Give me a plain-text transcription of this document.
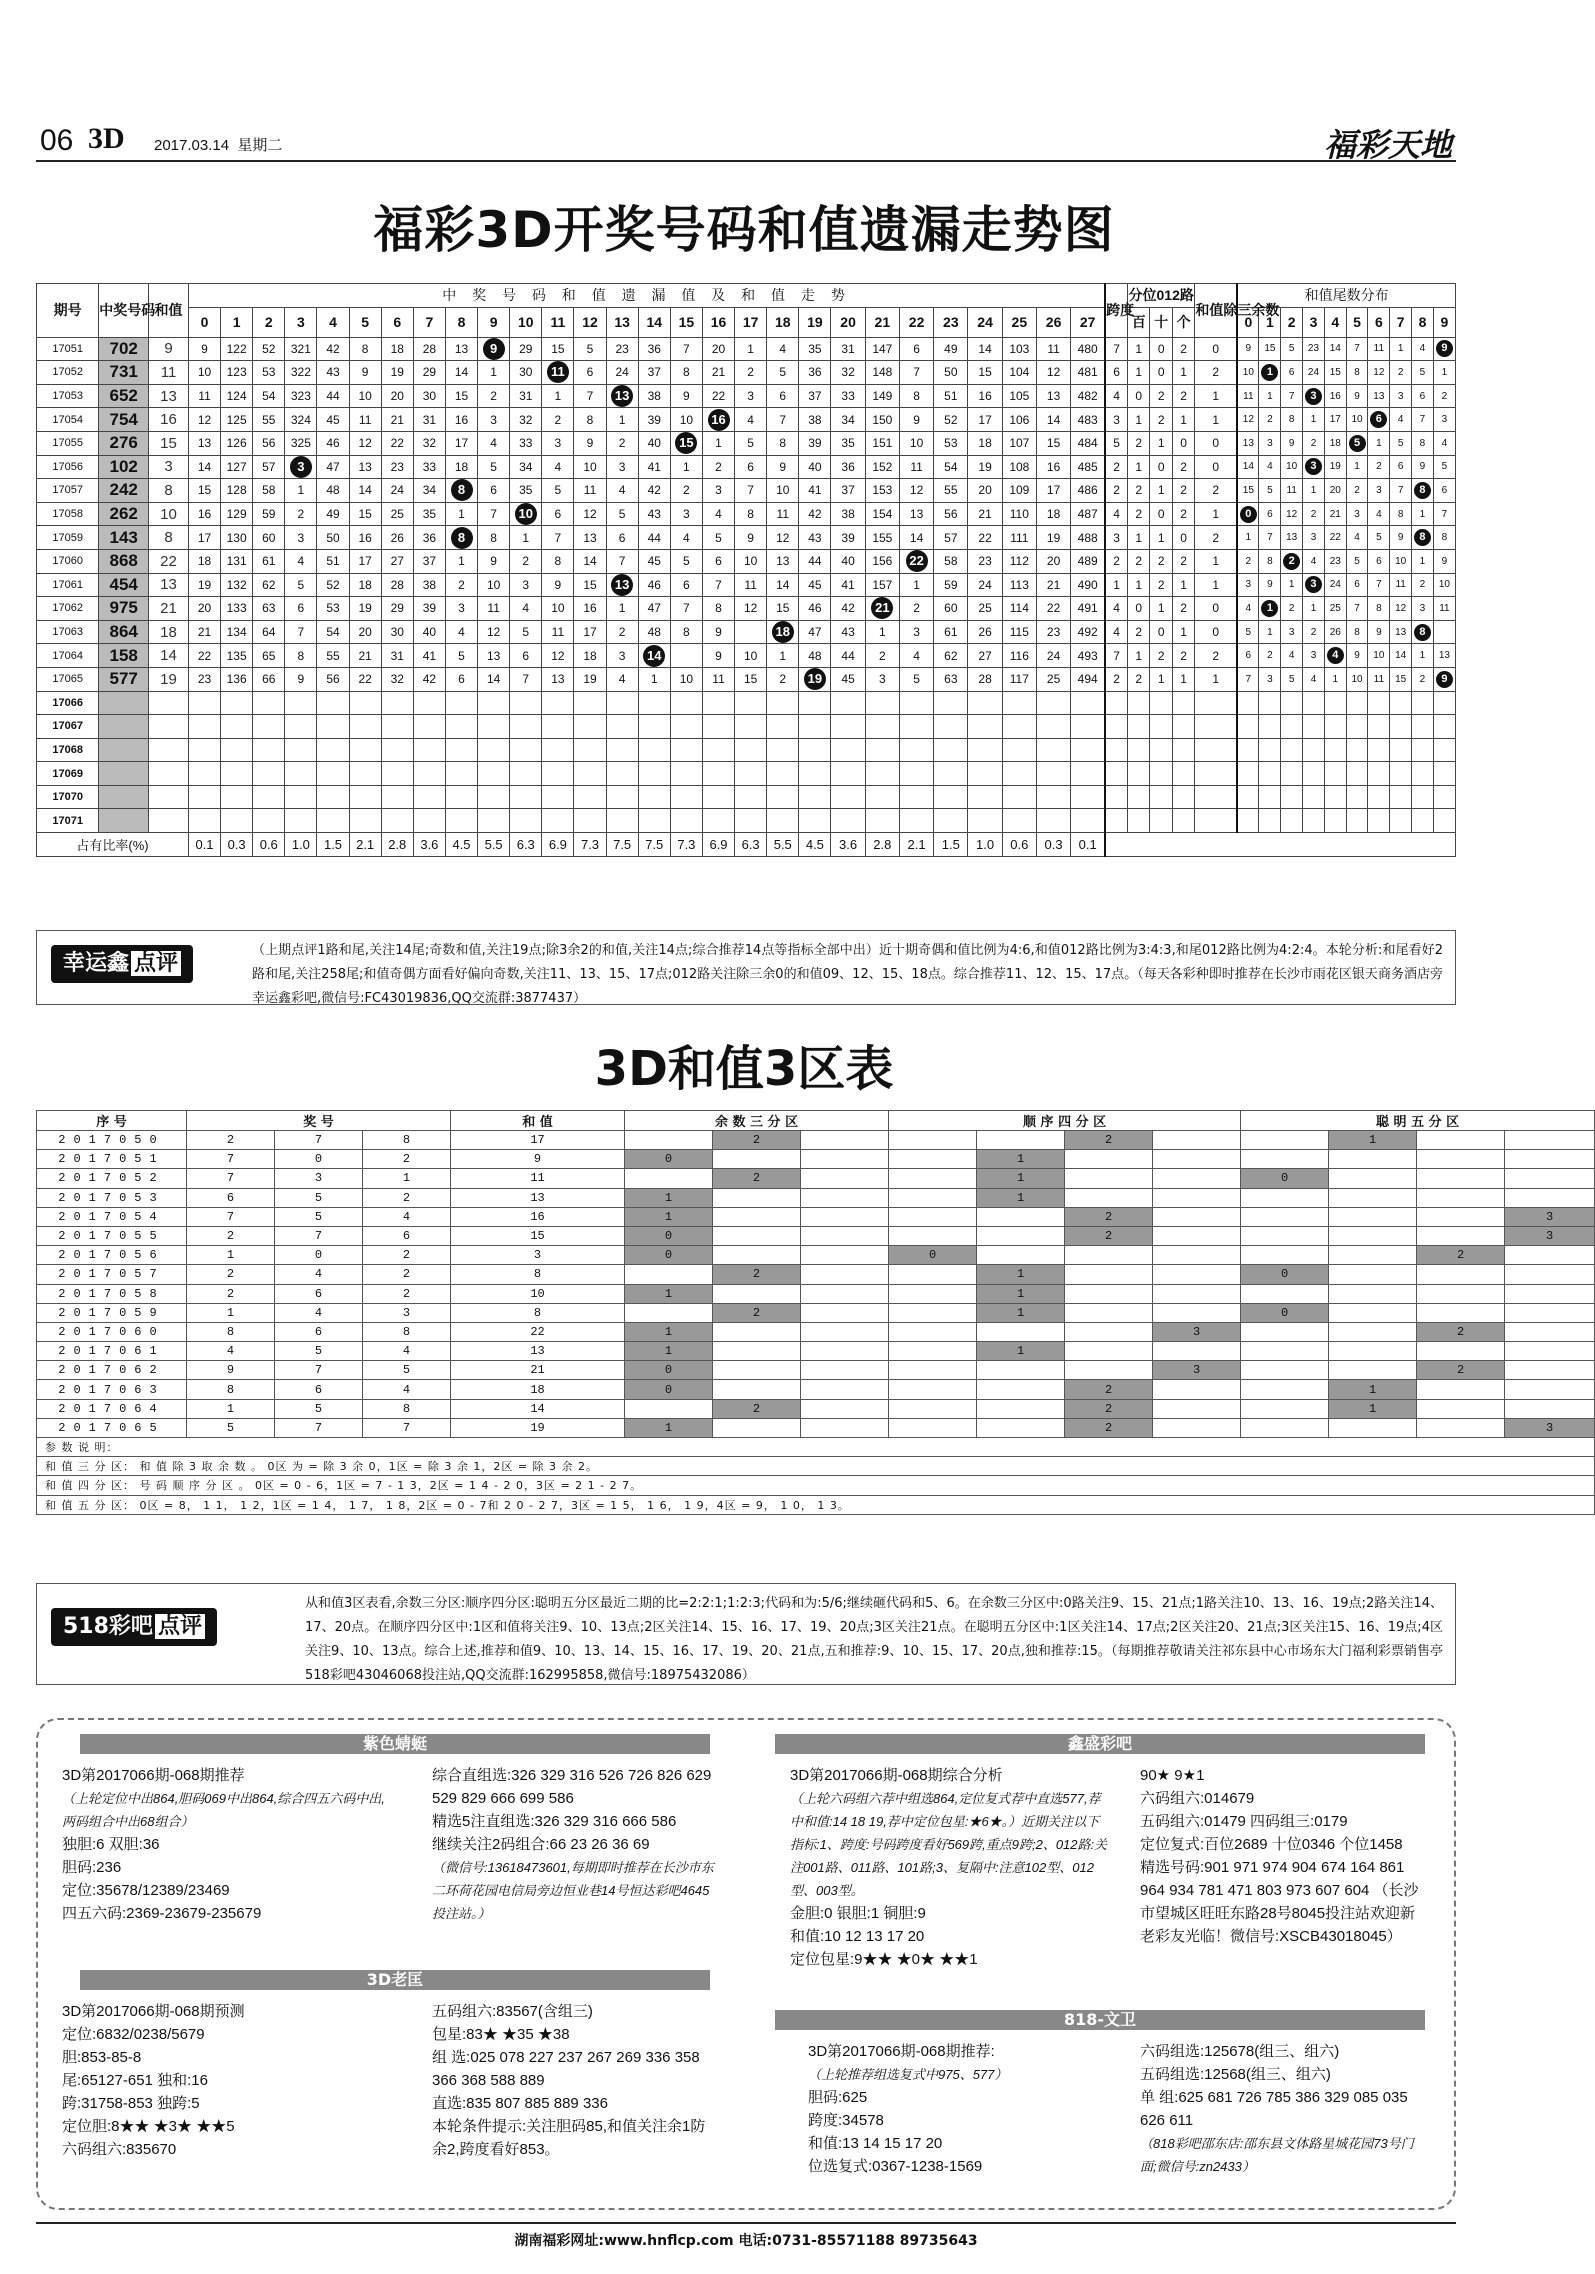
06 3D 2017.03.14 星期二	福彩天地
福彩3D开奖号码和值遗漏走势图
期号	中奖号码	和值	中 奖 号 码 和 值 遗 漏 值 及 和 值 走 势																												跨度	分位012路			和值除三余数	和值尾数分布									
			0	1	2	3	4	5	6	7	8	9	10	11	12	13	14	15	16	17	18	19	20	21	22	23	24	25	26	27		百	十	个		0	1	2	3	4	5	6	7	8	9
17051	702	9	9	122	52	321	42	8	18	28	13	9	29	15	5	23	36	7	20	1	4	35	31	147	6	49	14	103	11	480	7	1	0	2	0	9	15	5	23	14	7	11	1	4	9
17052	731	11	10	123	53	322	43	9	19	29	14	1	30	11	6	24	37	8	21	2	5	36	32	148	7	50	15	104	12	481	6	1	0	1	2	10	1	6	24	15	8	12	2	5	1
17053	652	13	11	124	54	323	44	10	20	30	15	2	31	1	7	13	38	9	22	3	6	37	33	149	8	51	16	105	13	482	4	0	2	2	1	11	1	7	3	16	9	13	3	6	2
17054	754	16	12	125	55	324	45	11	21	31	16	3	32	2	8	1	39	10	16	4	7	38	34	150	9	52	17	106	14	483	3	1	2	1	1	12	2	8	1	17	10	6	4	7	3
17055	276	15	13	126	56	325	46	12	22	32	17	4	33	3	9	2	40	15	1	5	8	39	35	151	10	53	18	107	15	484	5	2	1	0	0	13	3	9	2	18	5	1	5	8	4
17056	102	3	14	127	57	3	47	13	23	33	18	5	34	4	10	3	41	1	2	6	9	40	36	152	11	54	19	108	16	485	2	1	0	2	0	14	4	10	3	19	1	2	6	9	5
17057	242	8	15	128	58	1	48	14	24	34	8	6	35	5	11	4	42	2	3	7	10	41	37	153	12	55	20	109	17	486	2	2	1	2	2	15	5	11	1	20	2	3	7	8	6
17058	262	10	16	129	59	2	49	15	25	35	1	7	10	6	12	5	43	3	4	8	11	42	38	154	13	56	21	110	18	487	4	2	0	2	1	0	6	12	2	21	3	4	8	1	7
17059	143	8	17	130	60	3	50	16	26	36	8	8	1	7	13	6	44	4	5	9	12	43	39	155	14	57	22	111	19	488	3	1	1	0	2	1	7	13	3	22	4	5	9	8	8
17060	868	22	18	131	61	4	51	17	27	37	1	9	2	8	14	7	45	5	6	10	13	44	40	156	22	58	23	112	20	489	2	2	2	2	1	2	8	2	4	23	5	6	10	1	9
17061	454	13	19	132	62	5	52	18	28	38	2	10	3	9	15	13	46	6	7	11	14	45	41	157	1	59	24	113	21	490	1	1	2	1	1	3	9	1	3	24	6	7	11	2	10
17062	975	21	20	133	63	6	53	19	29	39	3	11	4	10	16	1	47	7	8	12	15	46	42	21	2	60	25	114	22	491	4	0	1	2	0	4	1	2	1	25	7	8	12	3	11
17063	864	18	21	134	64	7	54	20	30	40	4	12	5	11	17	2	48	8	9		18	47	43	1	3	61	26	115	23	492	4	2	0	1	0	5	1	3	2	26	8	9	13	8	
17064	158	14	22	135	65	8	55	21	31	41	5	13	6	12	18	3	14		9	10	1	48	44	2	4	62	27	116	24	493	7	1	2	2	2	6	2	4	3	4	9	10	14	1	13
17065	577	19	23	136	66	9	56	22	32	42	6	14	7	13	19	4	1	10	11	15	2	19	45	3	5	63	28	117	25	494	2	2	1	1	1	7	3	5	4	1	10	11	15	2	9
17066																																													
17067																																													
17068																																													
17069																																													
17070																																													
17071																																													
占有比率(%)			0.1	0.3	0.6	1.0	1.5	2.1	2.8	3.6	4.5	5.5	6.3	6.9	7.3	7.5	7.5	7.3	6.9	6.3	5.5	4.5	3.6	2.8	2.1	1.5	1.0	0.6	0.3	0.1															
幸运鑫 点评
（上期点评1路和尾,关注14尾;奇数和值,关注19点;除3余2的和值,关注14点;综合推荐14点等指标全部中出）近十期奇偶和值比例为4:6,和值012路比例为3:4:3,和尾012路比例为4:2:4。本轮分析:和尾看好2路和尾,关注258尾;和值奇偶方面看好偏向奇数,关注11、13、15、17点;012路关注除三余0的和值09、12、15、18点。综合推荐11、12、15、17点。（每天各彩种即时推荐在长沙市雨花区银天商务酒店旁幸运鑫彩吧,微信号:FC43019836,QQ交流群:3877437）
3D和值3区表
序 号	奖 号			和 值	余 数 三 分 区			顺 序 四 分 区				聪 明 五 分 区				
2017050	2	7	8	17		2				2			1			
2017051	7	0	2	9	0				1							
2017052	7	3	1	11		2			1			0				
2017053	6	5	2	13	1				1							
2017054	7	5	4	16	1					2					3	
2017055	2	7	6	15	0					2					3	
2017056	1	0	2	3	0			0						2		
2017057	2	4	2	8		2			1			0				
2017058	2	6	2	10	1				1							
2017059	1	4	3	8		2			1			0				
2017060	8	6	8	22	1						3			2		
2017061	4	5	4	13	1				1							
2017062	9	7	5	21	0						3			2		
2017063	8	6	4	18	0					2			1			
2017064	1	5	8	14		2				2			1			
2017065	5	7	7	19	1					2					3	
参 数 说 明：																
和 值 三 分 区： 和 值 除 3 取 余 数 。 0区 为 = 除 3 余 0，1区 = 除 3 余 1，2区 = 除 3 余 2。																
和 值 四 分 区： 号 码 顺 序 分 区 。 0区 = 0 - 6，1区 = 7 - 1 3，2区 = 1 4 - 2 0，3区 = 2 1 - 2 7。																
和 值 五 分 区： 0区 = 8， 1 1， 1 2，1区 = 1 4， 1 7， 1 8，2区 = 0 - 7和 2 0 - 2 7，3区 = 1 5， 1 6， 1 9，4区 = 9， 1 0， 1 3。																
518彩吧 点评
从和值3区表看,余数三分区:顺序四分区:聪明五分区最近二期的比=2:2:1;1:2:3;代码和为:5/6;继续砸代码和5、6。在余数三分区中:0路关注9、15、21点;1路关注10、13、16、19点;2路关注14、17、20点。在顺序四分区中:1区和值将关注9、10、13点;2区关注14、15、16、17、19、20点;3区关注21点。在聪明五分区中:1区关注14、17点;2区关注20、21点;3区关注15、16、19点;4区关注9、10、13点。综合上述,推荐和值9、10、13、14、15、16、17、19、20、21点,五和推荐:9、10、15、17、20点,独和推荐:15。（每期推荐敬请关注祁东县中心市场东大门福利彩票销售亭518彩吧43046068投注站,QQ交流群:162995858,微信号:18975432086）
紫色蜻蜓
3D第2017066期-068期推荐
（上轮定位中出864,胆码069中出864,综合四五六码中出,两码组合中出68组合）
独胆:6 双胆:36
胆码:236
定位:35678/12389/23469
四五六码:2369-23679-235679
综合直组选:326 329 316 526 726 826 629 529 829 666 699 586
精选5注直组选:326 329 316 666 586
继续关注2码组合:66 23 26 36 69
（微信号:13618473601,每期即时推荐在长沙市东二环荷花园电信局旁边恒业巷14号恒达彩吧4645投注站。）
3D老匡
3D第2017066期-068期预测
定位:6832/0238/5679
胆:853-85-8
尾:65127-651 独和:16
跨:31758-853 独跨:5
定位胆:8★★ ★3★ ★★5
六码组六:835670
五码组六:83567(含组三)
包星:83★ ★35 ★38
组 选:025 078 227 237 267 269 336 358 366 368 588 889
直选:835 807 885 889 336
本轮条件提示:关注胆码85,和值关注余1防余2,跨度看好853。
鑫盛彩吧
3D第2017066期-068期综合分析
（上轮六码组六荐中组选864,定位复式荐中直选577,荐中和值:14 18 19,荐中定位包星:★6★。）近期关注以下指标:1、跨度:号码跨度看好569跨,重点9跨;2、012路:关注001路、011路、101路;3、复隔中:注意102型、012型、003型。
金胆:0 银胆:1 铜胆:9
和值:10 12 13 17 20
定位包星:9★★ ★0★ ★★1
90★ 9★1
六码组六:014679
五码组六:01479 四码组三:0179
定位复式:百位2689 十位0346 个位1458
精选号码:901 971 974 904 674 164 861 964 934 781 471 803 973 607 604 （长沙市望城区旺旺东路28号8045投注站欢迎新老彩友光临！微信号:XSCB43018045）
818-文卫
3D第2017066期-068期推荐:
（上轮推荐组选复式中975、577）
胆码:625
跨度:34578
和值:13 14 15 17 20
位选复式:0367-1238-1569
六码组选:125678(组三、组六)
五码组选:12568(组三、组六)
单 组:625 681 726 785 386 329 085 035 626 611
（818彩吧邵东店:邵东县文体路星城花园73号门面;微信号:zn2433）
湖南福彩网址:www.hnflcp.com 电话:0731-85571188 89735643
